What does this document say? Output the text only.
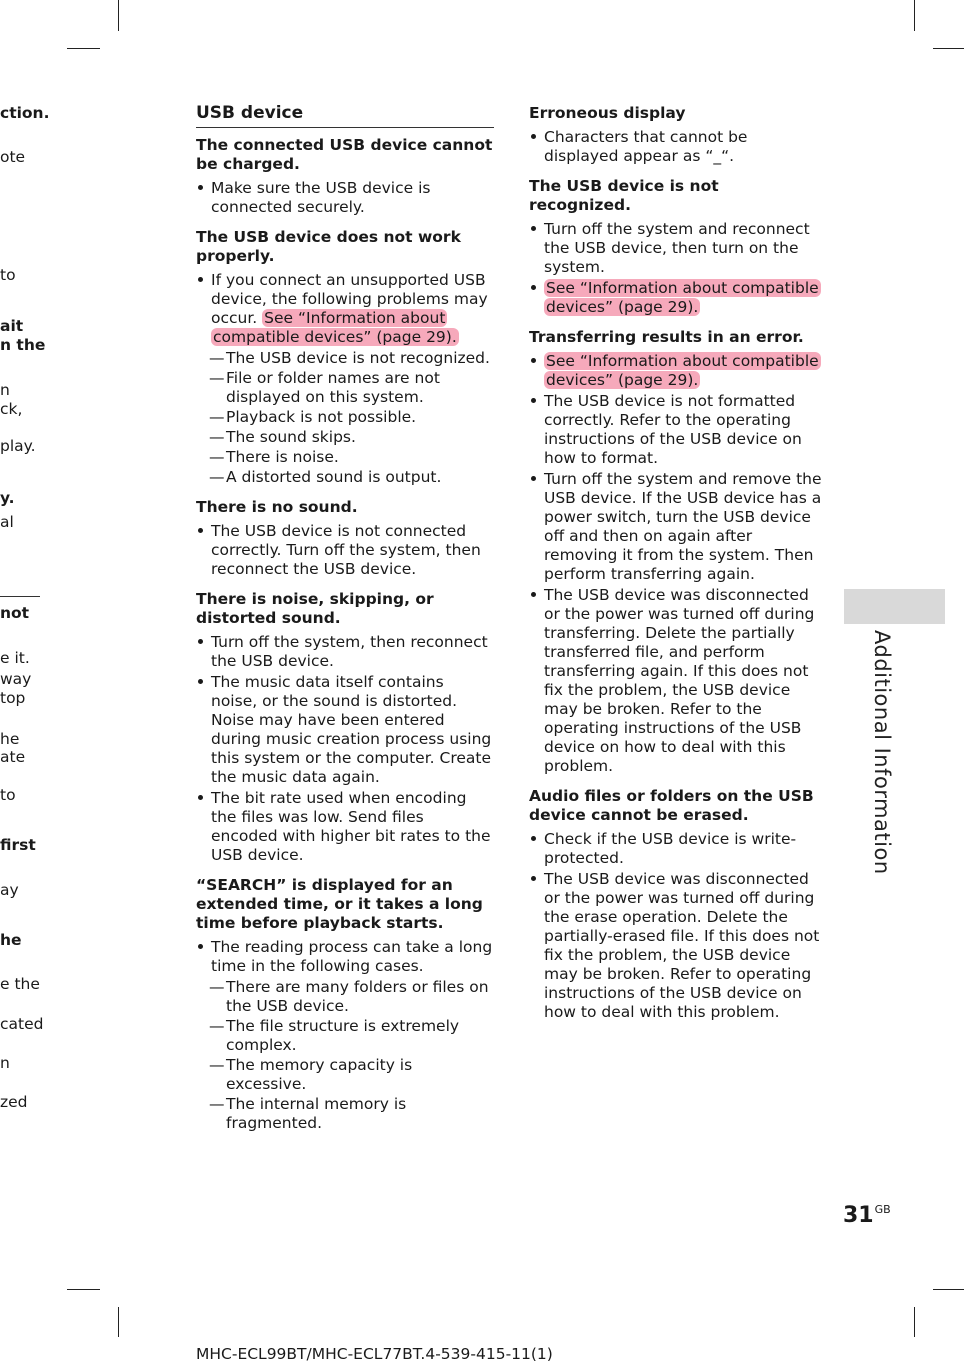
ction.
ote
to
ait
n the
n
ck,
play.
y.
al
not
e it.
way
top
he
ate
to
first
ay
he
e the
cated
n
zed
USB device
The connected USB device cannot be charged.
Make sure the USB device is connected securely.
The USB device does not work properly.
If you connect an unsupported USB device, the following problems may occur. See “Information about compatible devices” (page 29).
— The USB device is not recognized.
— File or folder names are not displayed on this system.
— Playback is not possible.
— The sound skips.
— There is noise.
— A distorted sound is output.
There is no sound.
The USB device is not connected correctly. Turn off the system, then reconnect the USB device.
There is noise, skipping, or distorted sound.
Turn off the system, then reconnect the USB device.
The music data itself contains noise, or the sound is distorted. Noise may have been entered during music creation process using this system or the computer. Create the music data again.
The bit rate used when encoding the files was low. Send files encoded with higher bit rates to the USB device.
“SEARCH” is displayed for an extended time, or it takes a long time before playback starts.
The reading process can take a long time in the following cases.
— There are many folders or files on the USB device.
— The file structure is extremely complex.
— The memory capacity is excessive.
— The internal memory is fragmented.
Erroneous display
Characters that cannot be displayed appear as “_“.
The USB device is not recognized.
Turn off the system and reconnect the USB device, then turn on the system.
See “Information about compatible devices” (page 29).
Transferring results in an error.
See “Information about compatible devices” (page 29).
The USB device is not formatted correctly. Refer to the operating instructions of the USB device on how to format.
Turn off the system and remove the USB device. If the USB device has a power switch, turn the USB device off and then on again after removing it from the system. Then perform transferring again.
The USB device was disconnected or the power was turned off during transferring. Delete the partially transferred file, and perform transferring again. If this does not fix the problem, the USB device may be broken. Refer to the operating instructions of the USB device on how to deal with this problem.
Audio files or folders on the USB device cannot be erased.
Check if the USB device is write-protected.
The USB device was disconnected or the power was turned off during the erase operation. Delete the partially-erased file. If this does not fix the problem, the USB device may be broken. Refer to operating instructions of the USB device on how to deal with this problem.
Additional Information
$31^{GB}$
MHC-ECL99BT/MHC-ECL77BT.4-539-415-11(1)
